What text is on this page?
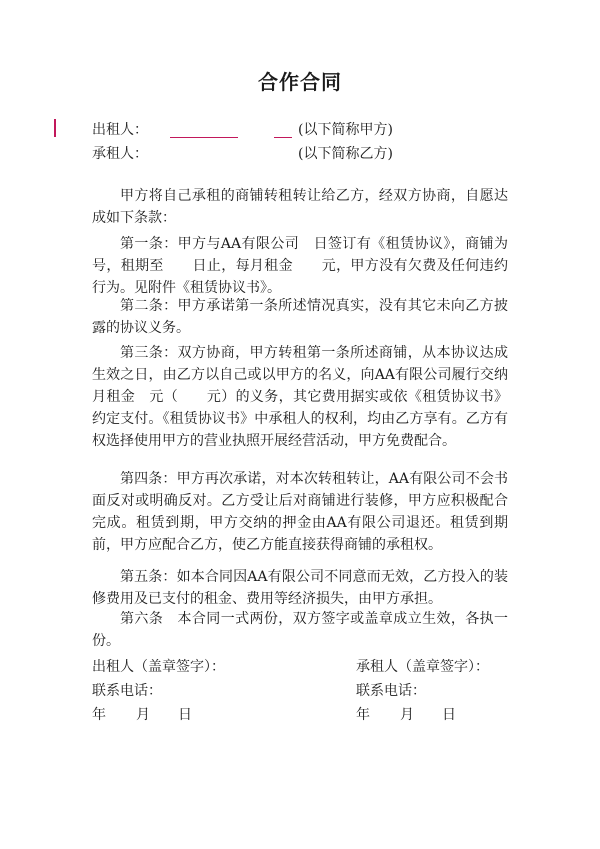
合作合同
出租人：	(以下简称甲方)
承租人：	(以下简称乙方)
甲方将自己承租的商铺转租转让给乙方，经双方协商，自愿达成如下条款：
第一条：甲方与AA有限公司　日签订有《租赁协议》，商铺为　　号，租期至　　日止，每月租金　　元，甲方没有欠费及任何违约行为。见附件《租赁协议书》。
第二条：甲方承诺第一条所述情况真实，没有其它未向乙方披露的协议义务。
第三条：双方协商，甲方转租第一条所述商铺，从本协议达成生效之日，由乙方以自己或以甲方的名义，向AA有限公司履行交纳月租金　元（　　元）的义务，其它费用据实或依《租赁协议书》约定支付。《租赁协议书》中承租人的权利，均由乙方享有。乙方有权选择使用甲方的营业执照开展经营活动，甲方免费配合。
第四条：甲方再次承诺，对本次转租转让，AA有限公司不会书面反对或明确反对。乙方受让后对商铺进行装修，甲方应积极配合完成。租赁到期，甲方交纳的押金由AA有限公司退还。租赁到期前，甲方应配合乙方，使乙方能直接获得商铺的承租权。
第五条：如本合同因AA有限公司不同意而无效，乙方投入的装修费用及已支付的租金、费用等经济损失，由甲方承担。
第六条　本合同一式两份，双方签字或盖章成立生效，各执一份。
出租人（盖章签字）：
联系电话：
年 月 日
承租人（盖章签字）：
联系电话：
年 月 日
